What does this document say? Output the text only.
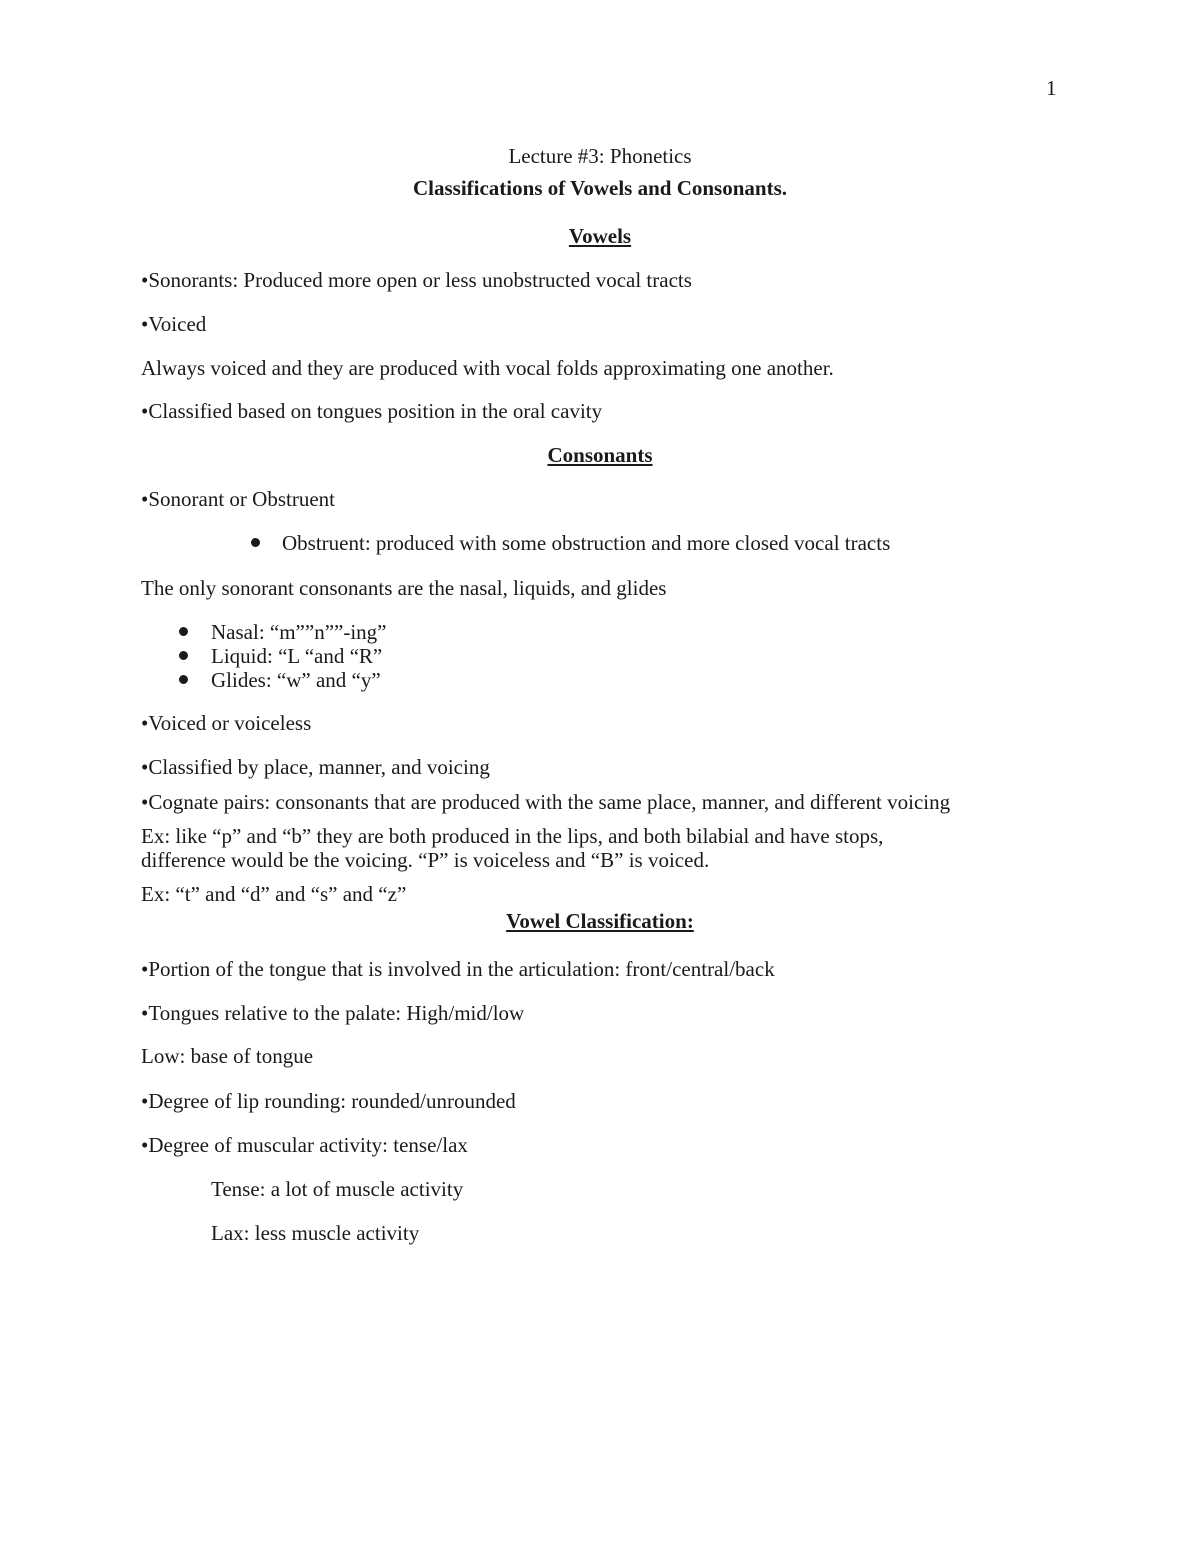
1
Lecture #3: Phonetics
Classifications of Vowels and Consonants.
Vowels
•Sonorants: Produced more open or less unobstructed vocal tracts
•Voiced
Always voiced and they are produced with vocal folds approximating one another.
•Classified based on tongues position in the oral cavity
Consonants
•Sonorant or Obstruent
Obstruent: produced with some obstruction and more closed vocal tracts
The only sonorant consonants are the nasal, liquids, and glides
Nasal: “m””n””-ing”
Liquid: “L “and “R”
Glides: “w” and “y”
•Voiced or voiceless
•Classified by place, manner, and voicing
•Cognate pairs: consonants that are produced with the same place, manner, and different voicing
Ex: like “p” and “b” they are both produced in the lips, and both bilabial and have stops,
difference would be the voicing. “P” is voiceless and “B” is voiced.
Ex: “t” and “d” and “s” and “z”
Vowel Classification:
•Portion of the tongue that is involved in the articulation: front/central/back
•Tongues relative to the palate: High/mid/low
Low: base of tongue
•Degree of lip rounding: rounded/unrounded
•Degree of muscular activity: tense/lax
Tense: a lot of muscle activity
Lax: less muscle activity
